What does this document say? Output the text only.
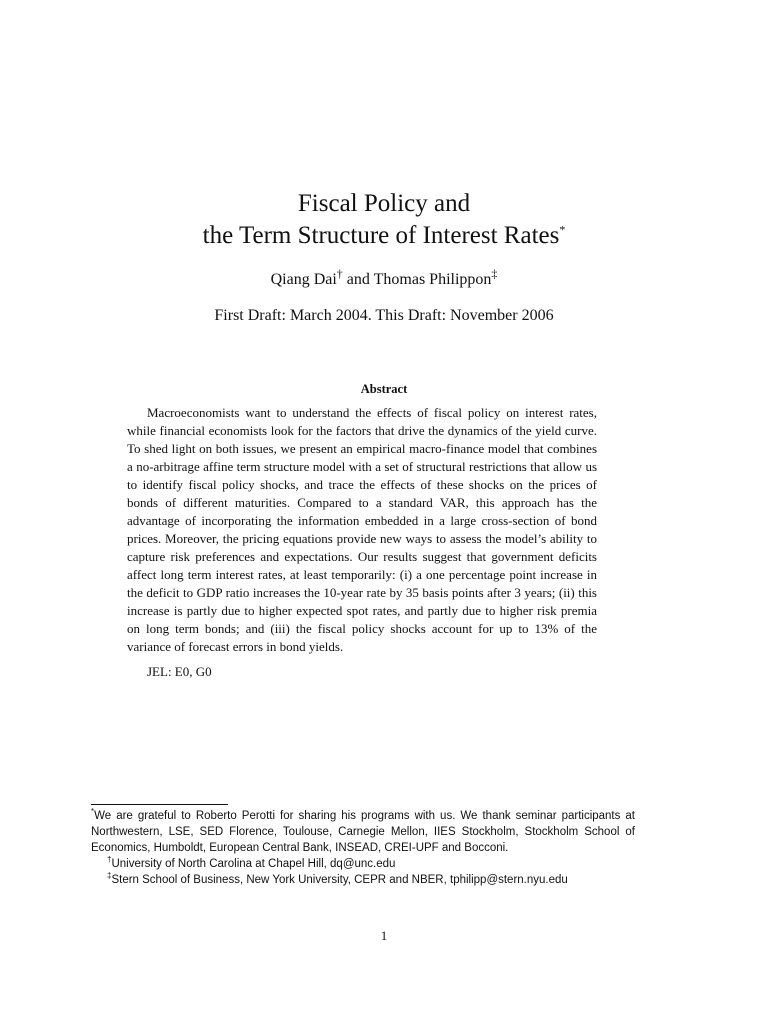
Fiscal Policy and
the Term Structure of Interest Rates*
Qiang Dai† and Thomas Philippon‡
First Draft: March 2004. This Draft: November 2006
Abstract

Macroeconomists want to understand the effects of fiscal policy on interest rates, while financial economists look for the factors that drive the dynamics of the yield curve. To shed light on both issues, we present an empirical macro-finance model that combines a no-arbitrage affine term structure model with a set of structural restrictions that allow us to identify fiscal policy shocks, and trace the effects of these shocks on the prices of bonds of different maturities. Compared to a standard VAR, this approach has the advantage of incorporating the information embedded in a large cross-section of bond prices. Moreover, the pricing equations provide new ways to assess the model’s ability to capture risk preferences and expectations. Our results suggest that government deficits affect long term interest rates, at least temporarily: (i) a one percentage point increase in the deficit to GDP ratio increases the 10-year rate by 35 basis points after 3 years; (ii) this increase is partly due to higher expected spot rates, and partly due to higher risk premia on long term bonds; and (iii) the fiscal policy shocks account for up to 13% of the variance of forecast errors in bond yields.

JEL: E0, G0

*We are grateful to Roberto Perotti for sharing his programs with us. We thank seminar participants at Northwestern, LSE, SED Florence, Toulouse, Carnegie Mellon, IIES Stockholm, Stockholm School of Economics, Humboldt, European Central Bank, INSEAD, CREI-UPF and Bocconi.

†University of North Carolina at Chapel Hill, dq@unc.edu

‡Stern School of Business, New York University, CEPR and NBER, tphilipp@stern.nyu.edu

1
